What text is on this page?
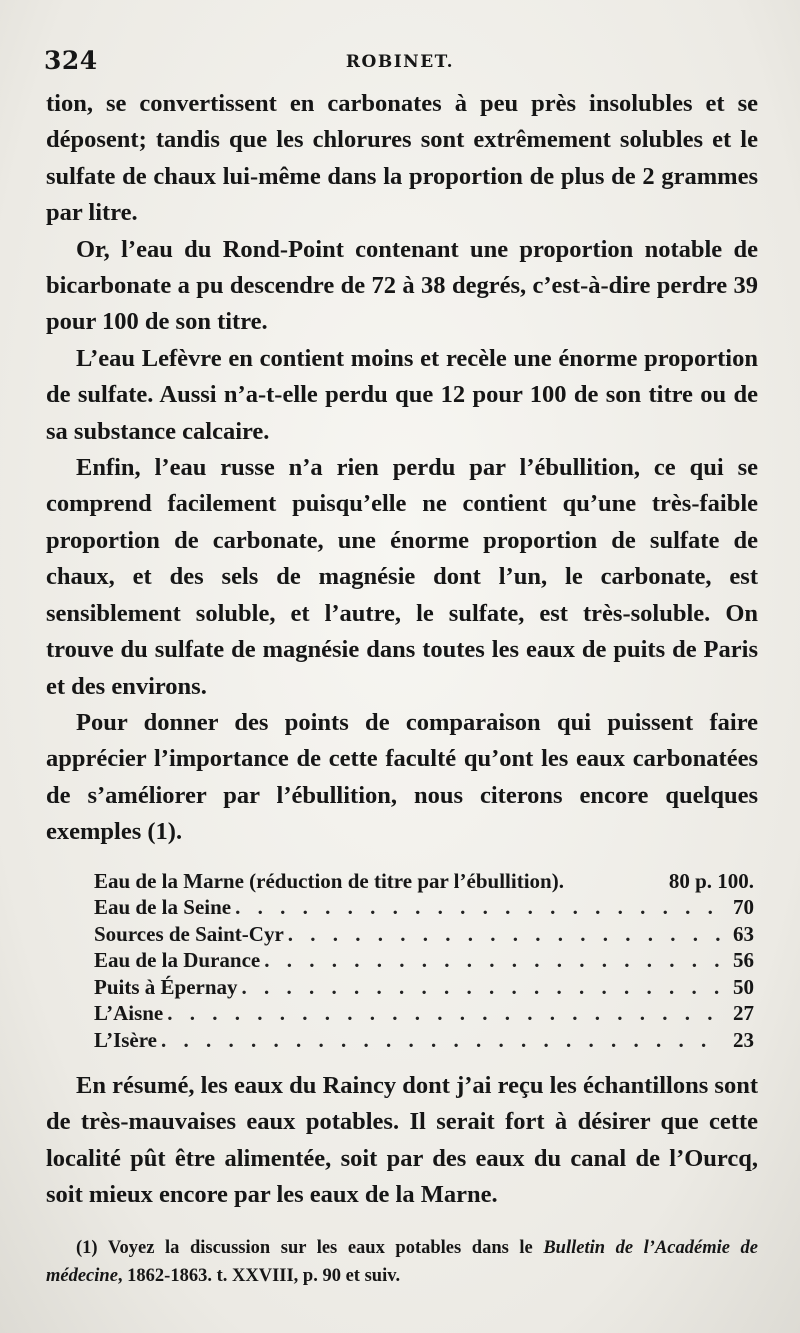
324	ROBINET.

tion, se convertissent en carbonates à peu près insolubles et se déposent; tandis que les chlorures sont extrêmement solubles et le sulfate de chaux lui-même dans la proportion de plus de 2 grammes par litre.

Or, l’eau du Rond-Point contenant une proportion notable de bicarbonate a pu descendre de 72 à 38 degrés, c’est-à-dire perdre 39 pour 100 de son titre.

L’eau Lefèvre en contient moins et recèle une énorme proportion de sulfate. Aussi n’a-t-elle perdu que 12 pour 100 de son titre ou de sa substance calcaire.

Enfin, l’eau russe n’a rien perdu par l’ébullition, ce qui se comprend facilement puisqu’elle ne contient qu’une très-faible proportion de carbonate, une énorme proportion de sulfate de chaux, et des sels de magnésie dont l’un, le carbonate, est sensiblement soluble, et l’autre, le sulfate, est très-soluble. On trouve du sulfate de magnésie dans toutes les eaux de puits de Paris et des environs.

Pour donner des points de comparaison qui puissent faire apprécier l’importance de cette faculté qu’ont les eaux carbonatées de s’améliorer par l’ébullition, nous citerons encore quelques exemples (1).

Eau de la Marne (réduction de titre par l’ébullition).	80 p. 100.
Eau de la Seine . . .	70
Sources de Saint-Cyr . . .	63
Eau de la Durance . . .	56
Puits à Épernay . . .	50
L’Aisne . . .	27
L’Isère . . .	23

En résumé, les eaux du Raincy dont j’ai reçu les échantillons sont de très-mauvaises eaux potables. Il serait fort à désirer que cette localité pût être alimentée, soit par des eaux du canal de l’Ourcq, soit mieux encore par les eaux de la Marne.

(1) Voyez la discussion sur les eaux potables dans le Bulletin de l’Académie de médecine, 1862-1863. t. XXVIII, p. 90 et suiv.
